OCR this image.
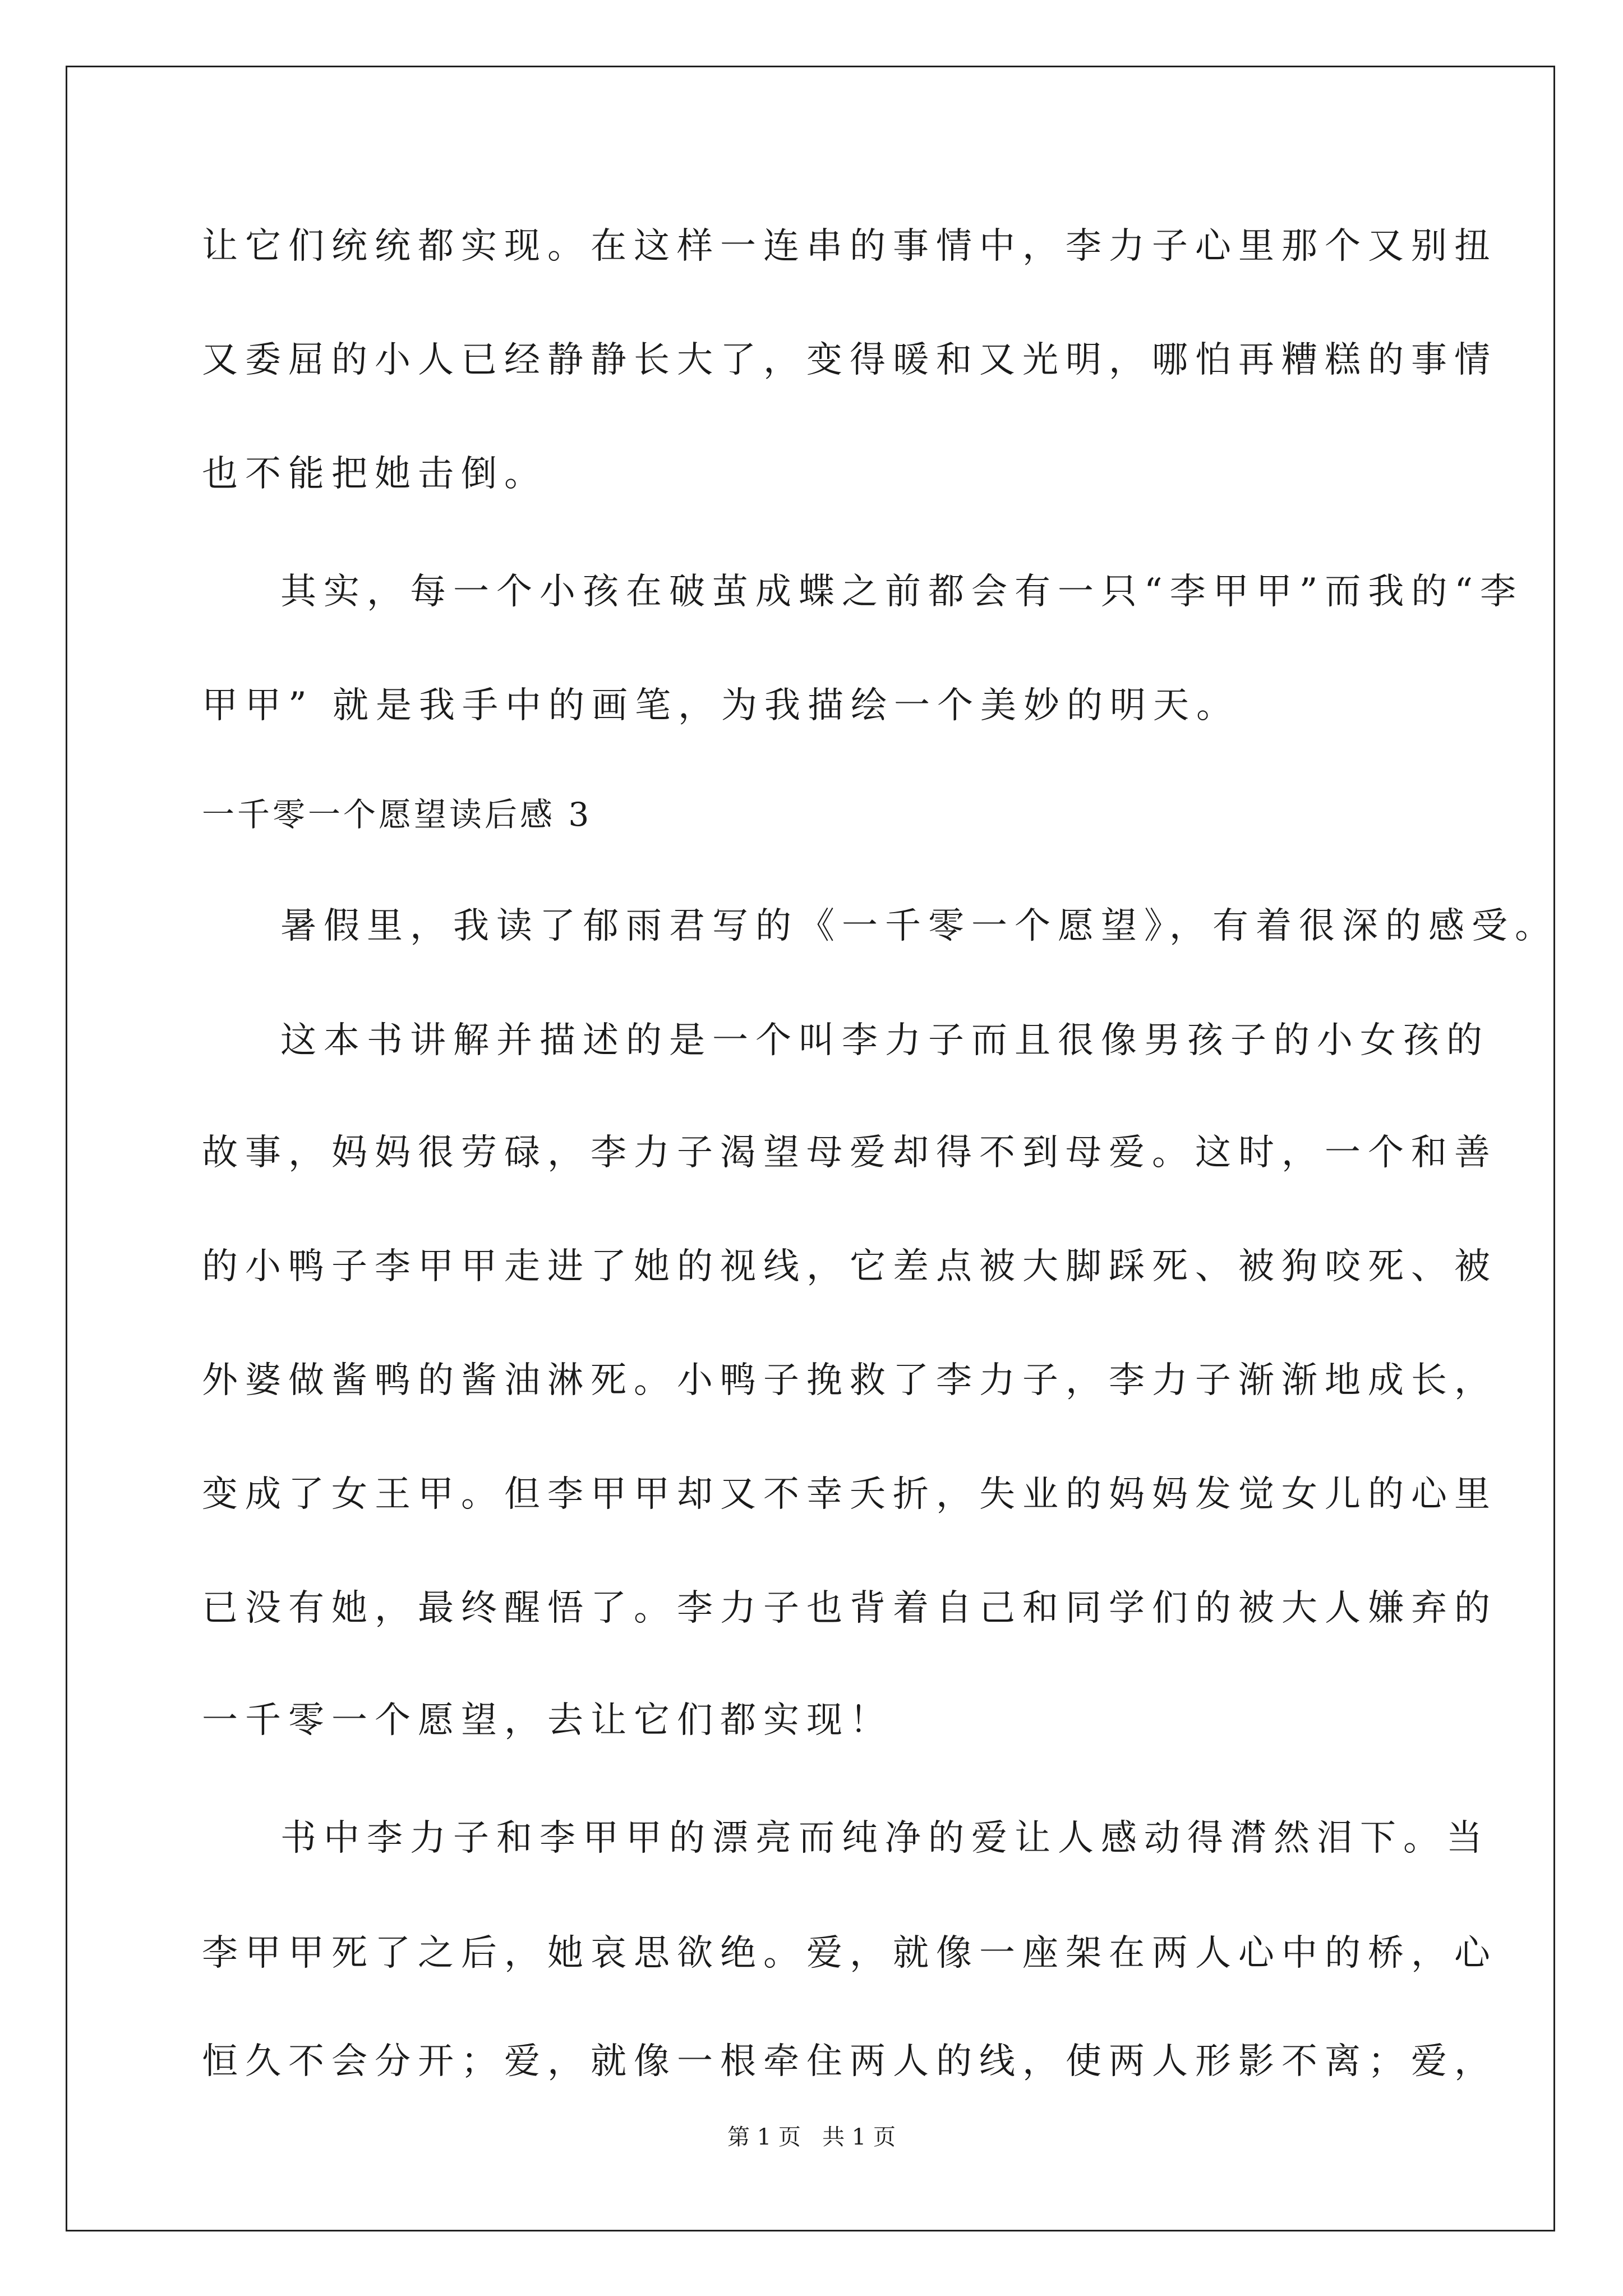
让它们统统都实现。在这样一连串的事情中，李力子心里那个又别扭
又委屈的小人已经静静长大了，变得暖和又光明，哪怕再糟糕的事情
也不能把她击倒。
其实，每一个小孩在破茧成蝶之前都会有一只“李甲甲”而我的“李
甲甲” 就是我手中的画笔，为我描绘一个美妙的明天。
一千零一个愿望读后感 3
暑假里，我读了郁雨君写的《一千零一个愿望》，有着很深的感受。
这本书讲解并描述的是一个叫李力子而且很像男孩子的小女孩的
故事，妈妈很劳碌，李力子渴望母爱却得不到母爱。这时，一个和善
的小鸭子李甲甲走进了她的视线，它差点被大脚踩死、被狗咬死、被
外婆做酱鸭的酱油淋死。小鸭子挽救了李力子，李力子渐渐地成长，
变成了女王甲。但李甲甲却又不幸夭折，失业的妈妈发觉女儿的心里
已没有她，最终醒悟了。李力子也背着自己和同学们的被大人嫌弃的
一千零一个愿望，去让它们都实现！
书中李力子和李甲甲的漂亮而纯净的爱让人感动得潸然泪下。当
李甲甲死了之后，她哀思欲绝。爱，就像一座架在两人心中的桥，心
恒久不会分开；爱，就像一根牵住两人的线，使两人形影不离；爱，
第 1 页   共 1 页
